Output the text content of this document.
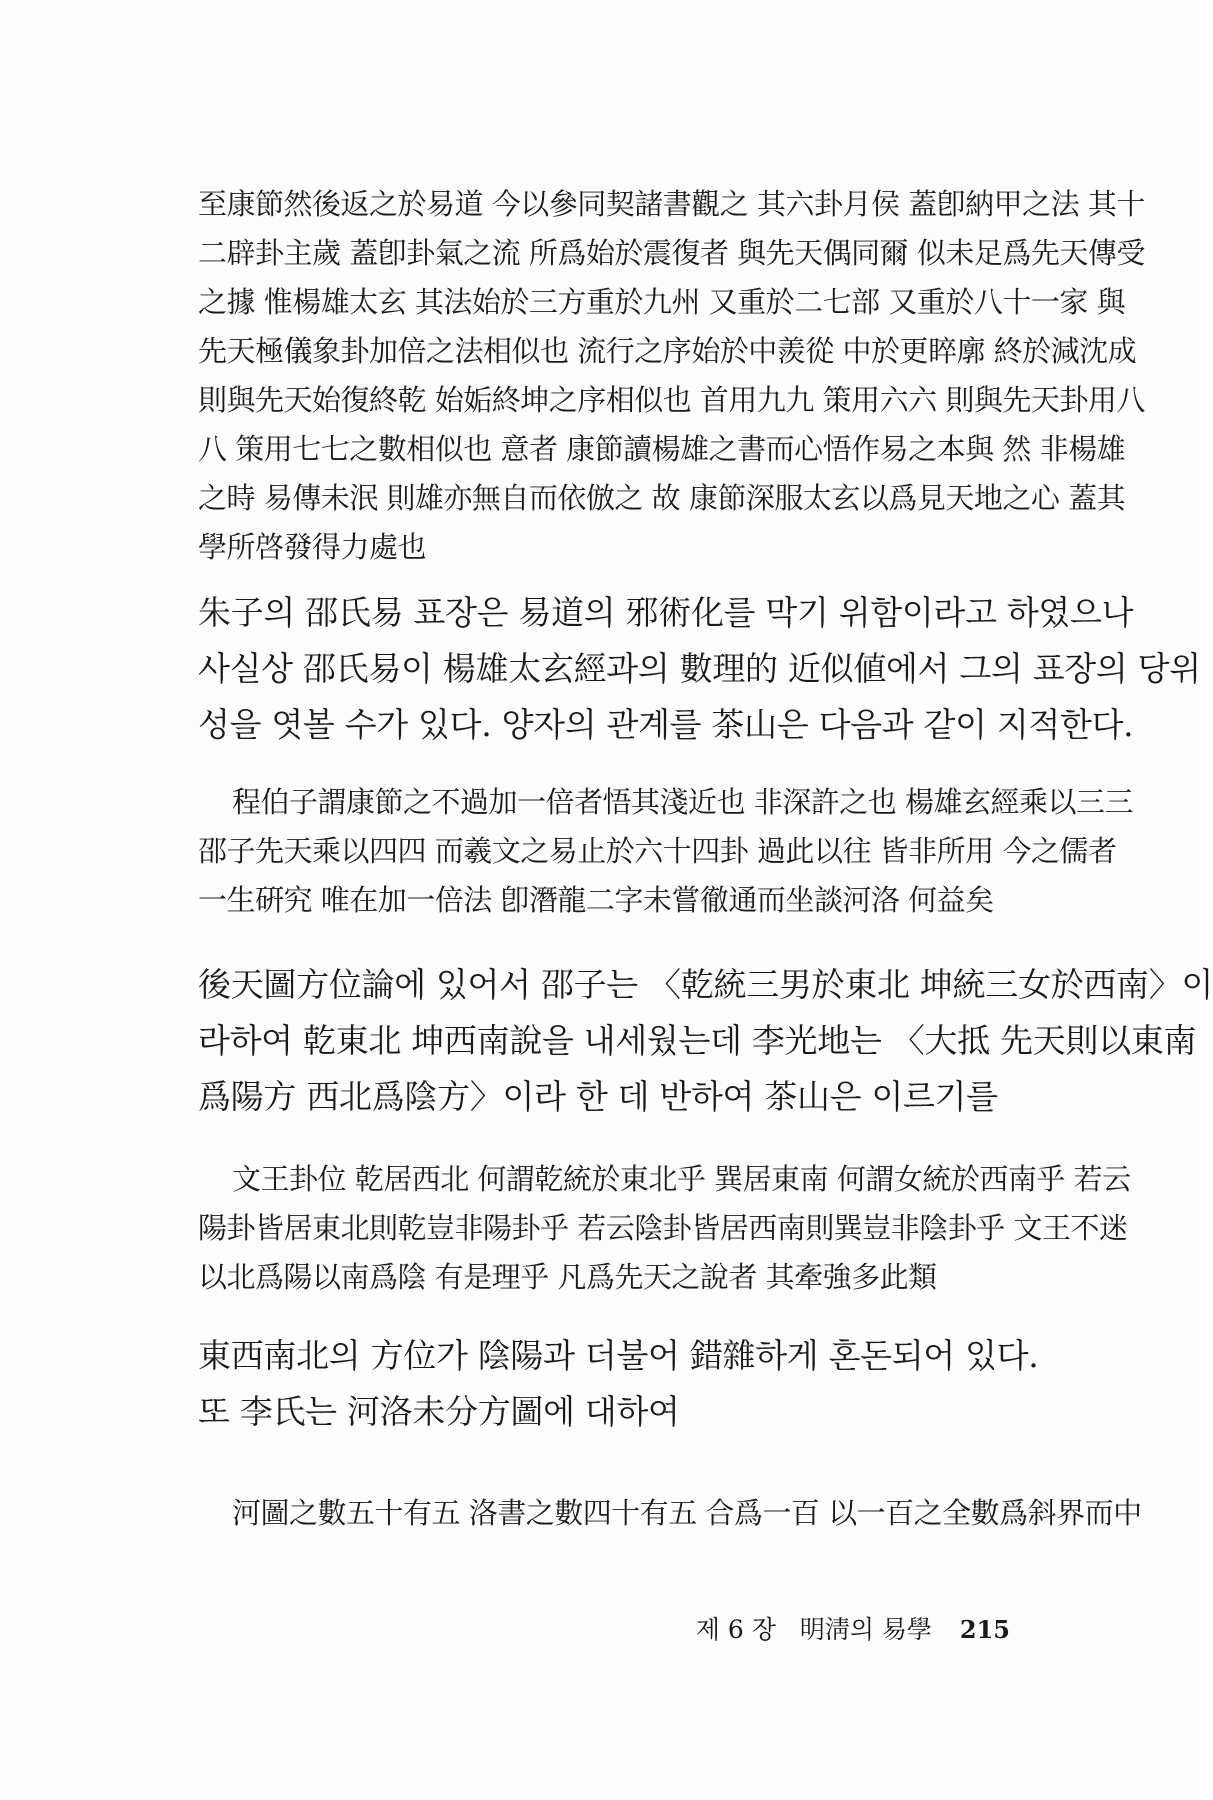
至康節然後返之於易道 今以參同契諸書觀之 其六卦月侯 蓋卽納甲之法 其十
二辟卦主歲 蓋卽卦氣之流 所爲始於震復者 與先天偶同爾 似未足爲先天傳受
之據 惟楊雄太玄 其法始於三方重於九州 又重於二七部 又重於八十一家 與
先天極儀象卦加倍之法相似也 流行之序始於中羨從 中於更睟廓 終於減沈成
則與先天始復終乾 始姤終坤之序相似也 首用九九 策用六六 則與先天卦用八
八 策用七七之數相似也 意者 康節讀楊雄之書而心悟作易之本與 然 非楊雄
之時 易傳未泯 則雄亦無自而依倣之 故 康節深服太玄以爲見天地之心 蓋其
學所啓發得力處也
朱子의 邵氏易 표장은 易道의 邪術化를 막기 위함이라고 하였으나
사실상 邵氏易이 楊雄太玄經과의 數理的 近似値에서 그의 표장의 당위
성을 엿볼 수가 있다. 양자의 관계를 茶山은 다음과 같이 지적한다.
程伯子謂康節之不過加一倍者悟其淺近也 非深許之也 楊雄玄經乘以三三
邵子先天乘以四四 而羲文之易止於六十四卦 過此以往 皆非所用 今之儒者
一生硏究 唯在加一倍法 卽潛龍二字未嘗徹通而坐談河洛 何益矣
後天圖方位論에 있어서 邵子는 〈乾統三男於東北 坤統三女於西南〉이
라하여 乾東北 坤西南說을 내세웠는데 李光地는 〈大抵 先天則以東南
爲陽方 西北爲陰方〉이라 한 데 반하여 茶山은 이르기를
文王卦位 乾居西北 何謂乾統於東北乎 巽居東南 何謂女統於西南乎 若云
陽卦皆居東北則乾豈非陽卦乎 若云陰卦皆居西南則巽豈非陰卦乎 文王不迷
以北爲陽以南爲陰 有是理乎 凡爲先天之說者 其牽強多此類
東西南北의 方位가 陰陽과 더불어 錯雜하게 혼돈되어 있다.
또 李氏는 河洛未分方圖에 대하여
河圖之數五十有五 洛書之數四十有五 合爲一百 以一百之全數爲斜界而中
제 6 장 明淸의 易學 215
